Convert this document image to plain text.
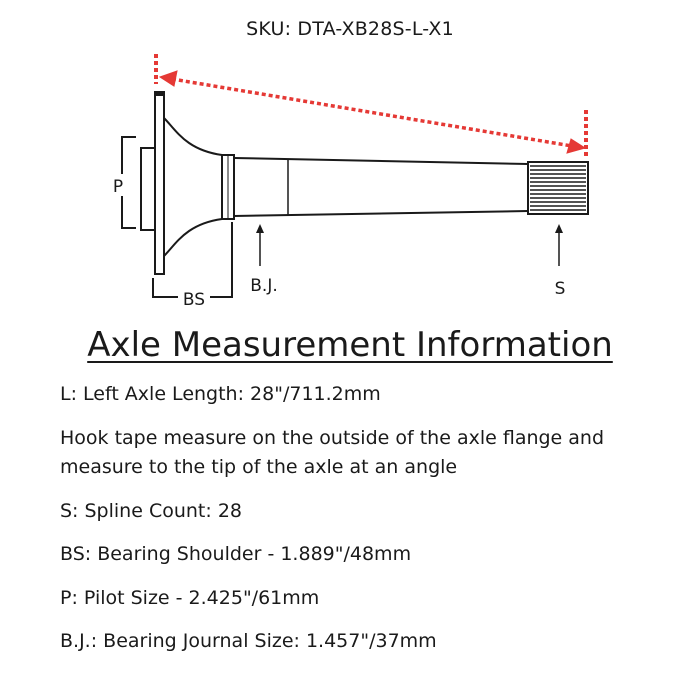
SKU: DTA-XB28S-L-X1
P
BS
B.J.	S
Axle Measurement Information
L: Left Axle Length: 28"/711.2mm
Hook tape measure on the outside of the axle flange and measure to the tip of the axle at an angle
S: Spline Count: 28
BS: Bearing Shoulder - 1.889"/48mm
P: Pilot Size - 2.425"/61mm
B.J.: Bearing Journal Size: 1.457"/37mm
